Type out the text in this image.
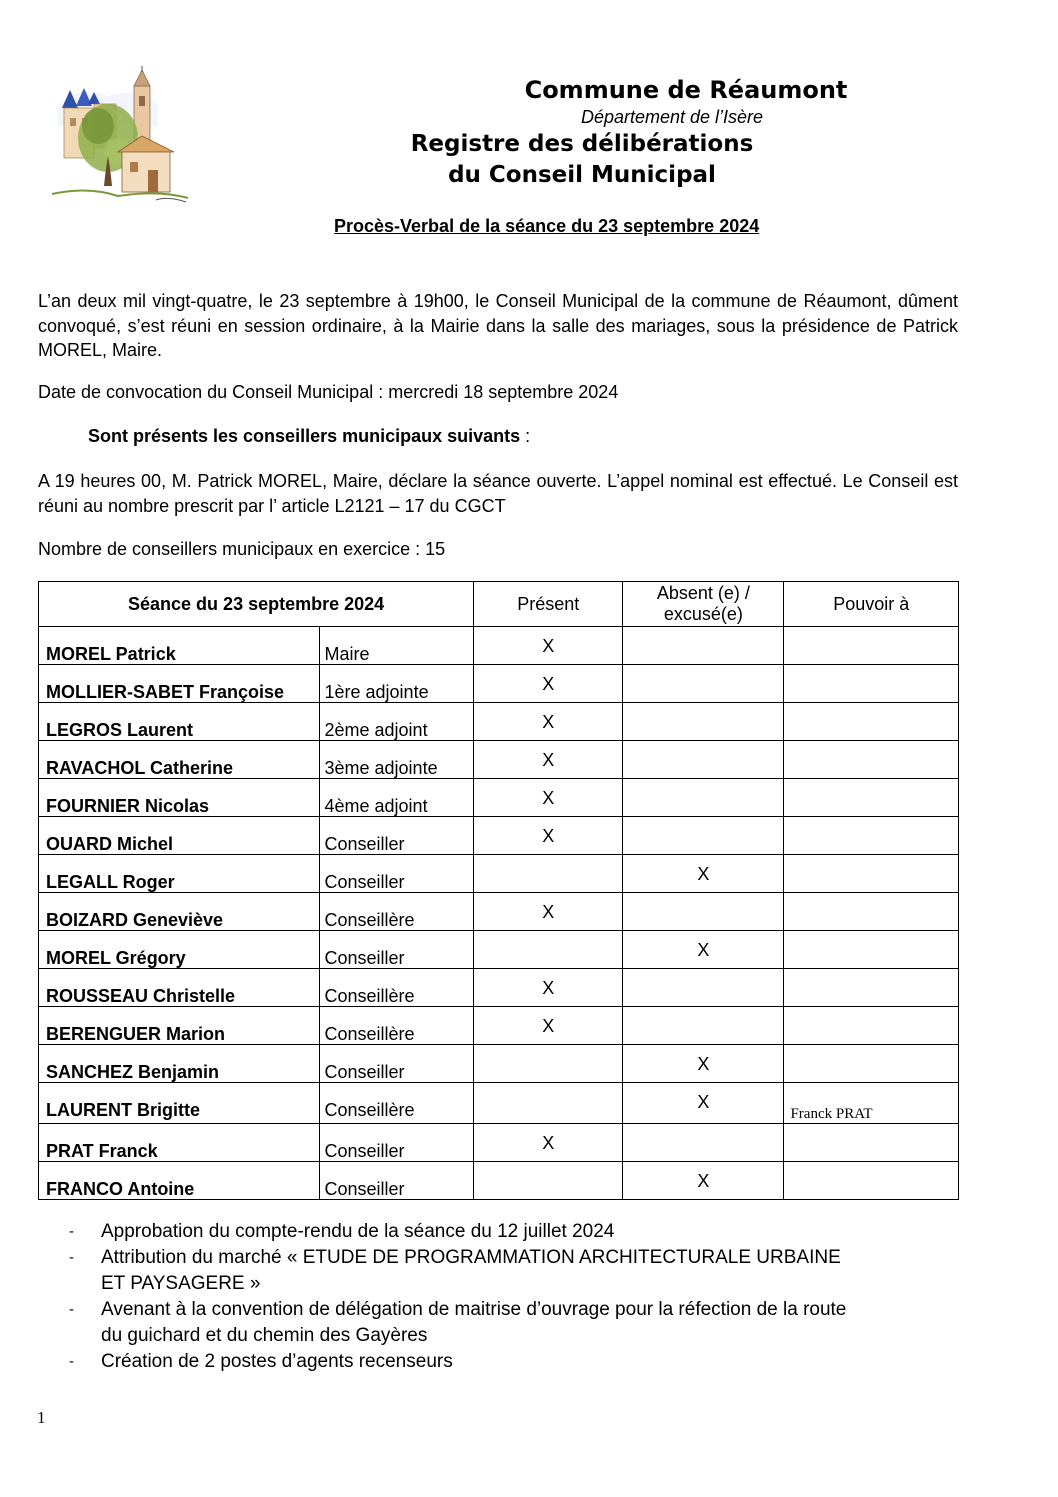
Commune de Réaumont
Département de l’Isère
Registre des délibérations
du Conseil Municipal
Procès-Verbal de la séance du 23 septembre 2024
L’an deux mil vingt-quatre, le 23 septembre à 19h00, le Conseil Municipal de la commune de Réaumont, dûment convoqué, s’est réuni en session ordinaire, à la Mairie dans la salle des mariages, sous la présidence de Patrick MOREL, Maire.
Date de convocation du Conseil Municipal : mercredi 18 septembre 2024
Sont présents les conseillers municipaux suivants :
A 19 heures 00, M. Patrick MOREL, Maire, déclare la séance ouverte. L’appel nominal est effectué. Le Conseil est réuni au nombre prescrit par l’ article L2121 – 17 du CGCT
Nombre de conseillers municipaux en exercice : 15
Séance du 23 septembre 2024		Présent	Absent (e) /
excusé(e)	Pouvoir à

MOREL Patrick	Maire	X		

MOLLIER-SABET Françoise	1ère adjointe	X		

LEGROS Laurent	2ème adjoint	X		

RAVACHOL Catherine	3ème adjointe	X		

FOURNIER Nicolas	4ème adjoint	X		

OUARD Michel	Conseiller	X		

LEGALL Roger	Conseiller		X	

BOIZARD Geneviève	Conseillère	X		

MOREL Grégory	Conseiller		X	

ROUSSEAU Christelle	Conseillère	X		

BERENGUER Marion	Conseillère	X		

SANCHEZ Benjamin	Conseiller		X	

LAURENT Brigitte	Conseillère		X	Franck PRAT

PRAT Franck	Conseiller	X		

FRANCO Antoine	Conseiller		X	

- Approbation du compte-rendu de la séance du 12 juillet 2024
- Attribution du marché « ETUDE DE PROGRAMMATION ARCHITECTURALE URBAINE
ET PAYSAGERE »
- Avenant à la convention de délégation de maitrise d’ouvrage pour la réfection de la route
du guichard et du chemin des Gayères
- Création de 2 postes d’agents recenseurs
1
